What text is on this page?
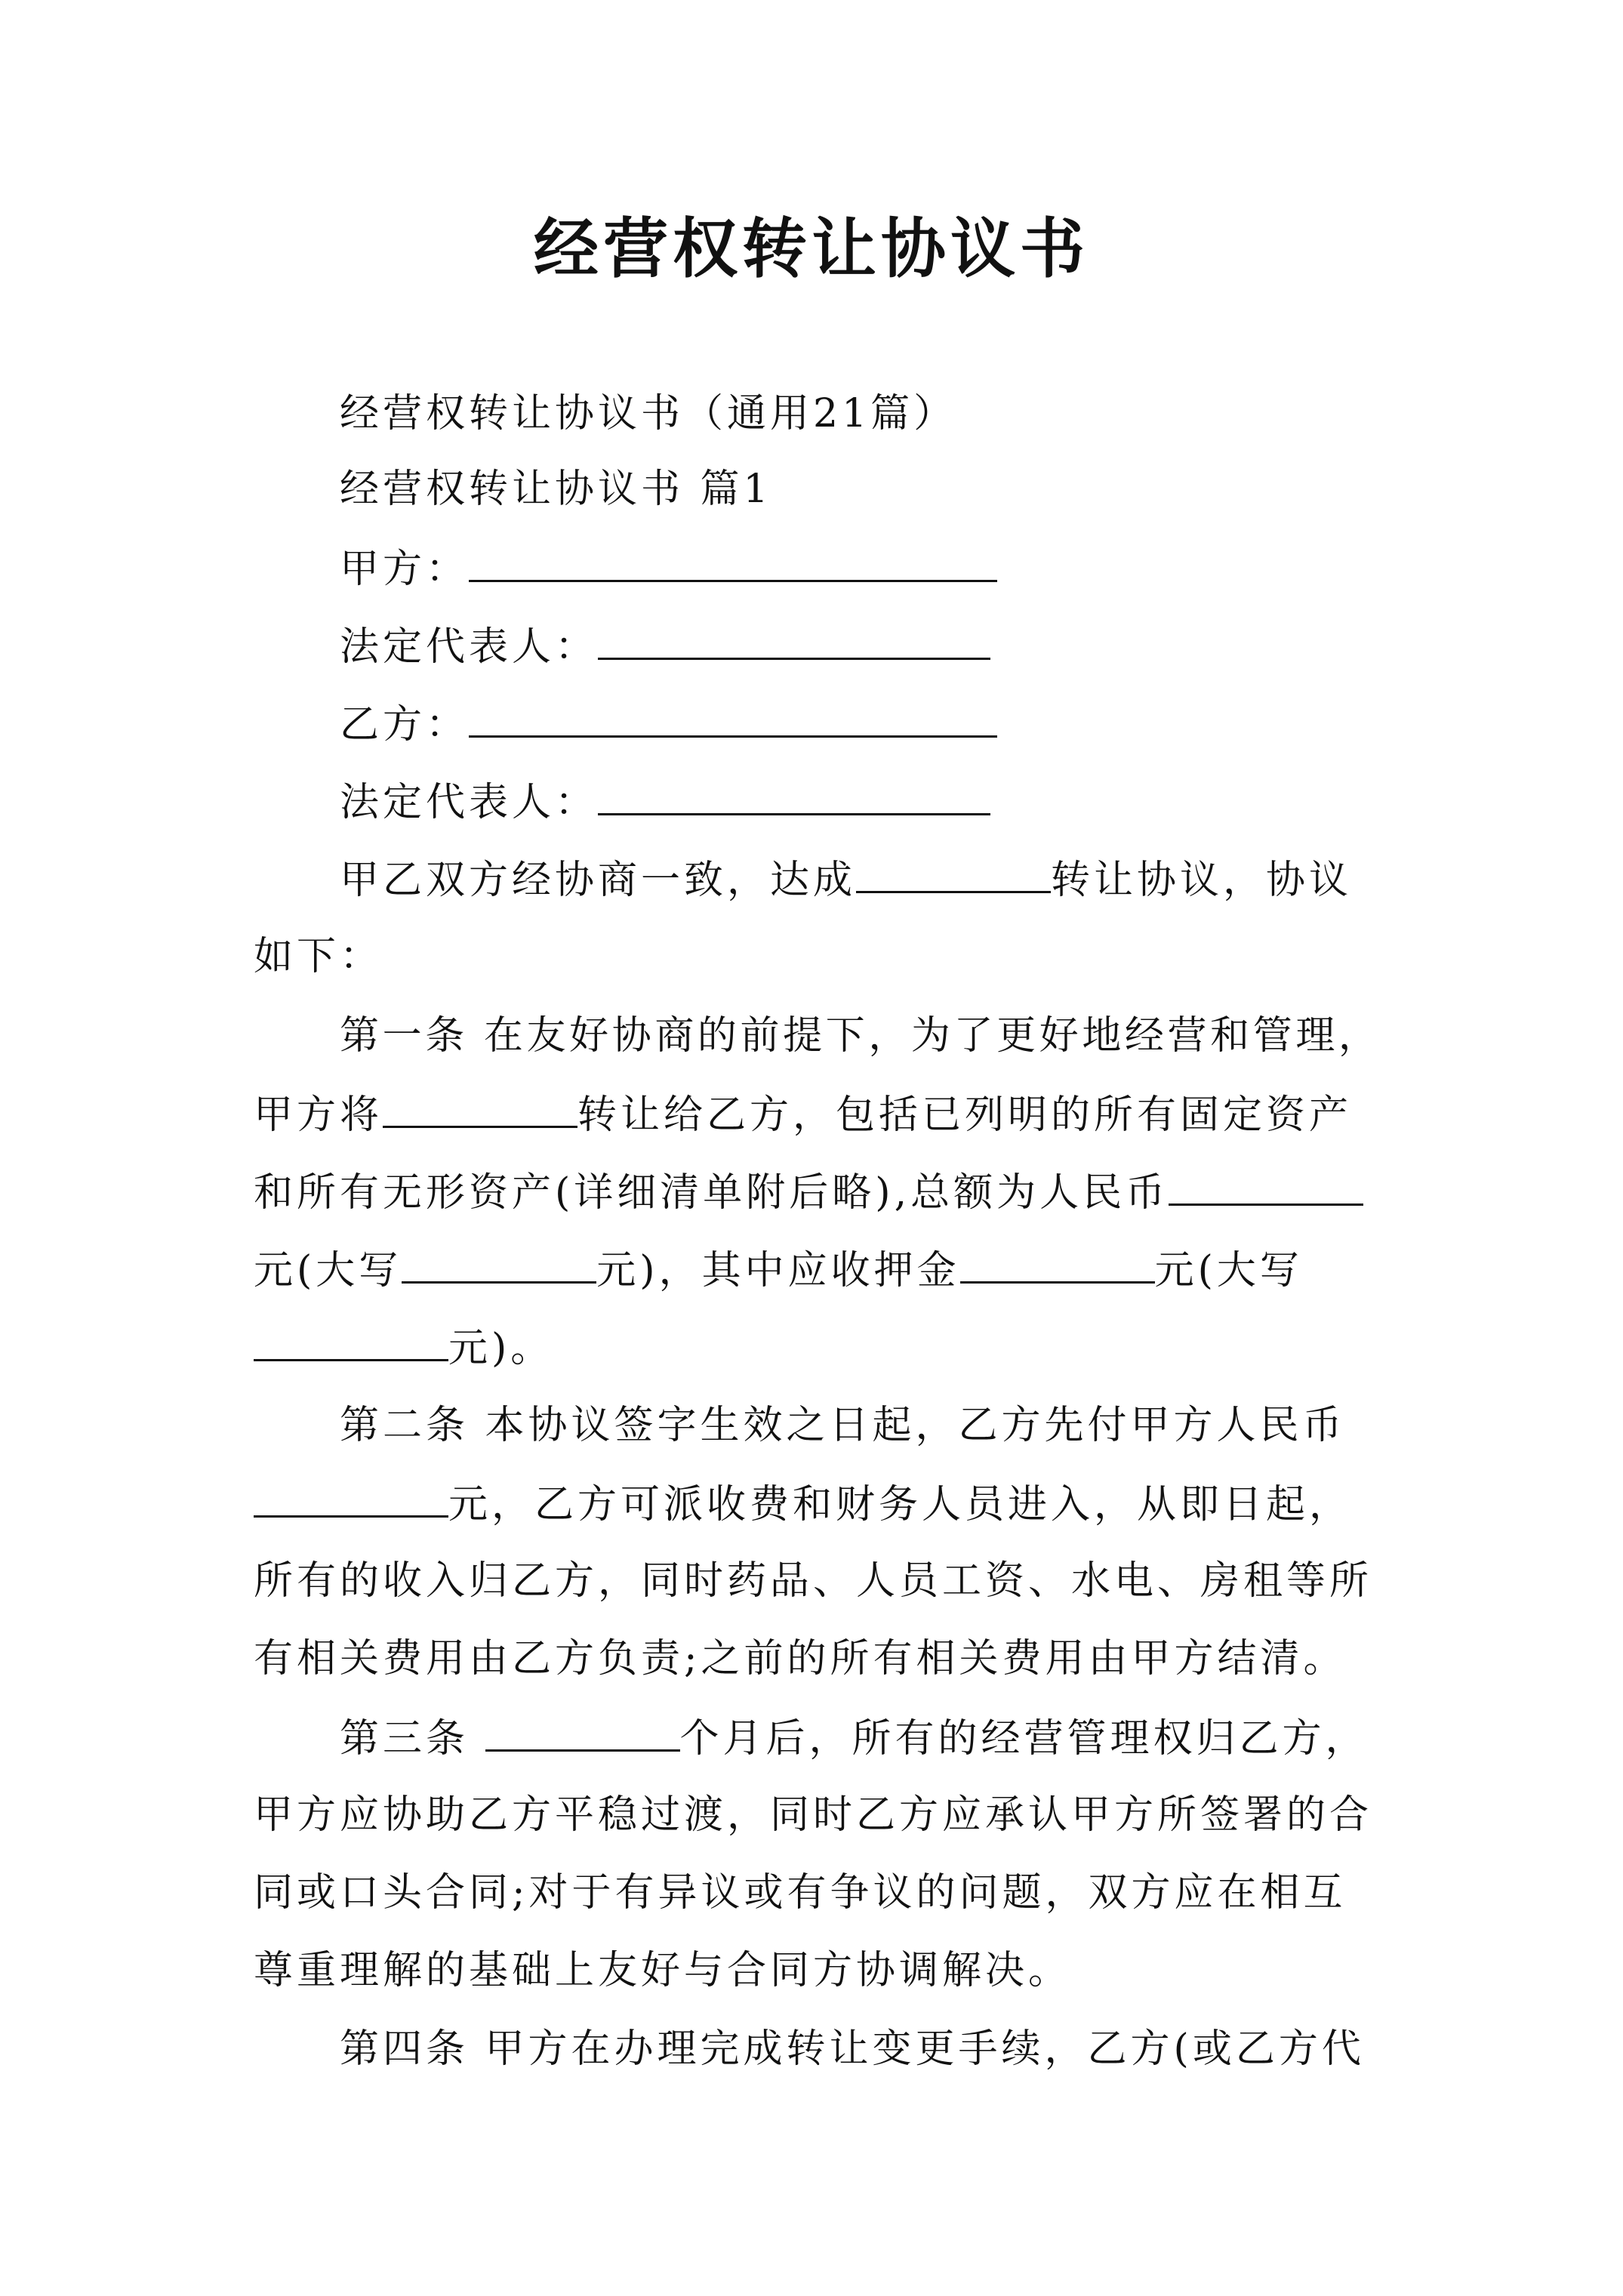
经营权转让协议书
经营权转让协议书（通用21篇）
经营权转让协议书 篇1
甲方：
法定代表人：
乙方：
法定代表人：
甲乙双方经协商一致，达成	转让协议，协议
如下：
第一条 在友好协商的前提下，为了更好地经营和管理，
甲方将	转让给乙方，包括已列明的所有固定资产
和所有无形资产(详细清单附后略),总额为人民币
元(大写	元)，其中应收押金	元(大写
元)。
第二条 本协议签字生效之日起，乙方先付甲方人民币
元，乙方可派收费和财务人员进入，从即日起，
所有的收入归乙方，同时药品、人员工资、水电、房租等所
有相关费用由乙方负责;之前的所有相关费用由甲方结清。
第三条	个月后，所有的经营管理权归乙方，
甲方应协助乙方平稳过渡，同时乙方应承认甲方所签署的合
同或口头合同;对于有异议或有争议的问题，双方应在相互
尊重理解的基础上友好与合同方协调解决。
第四条 甲方在办理完成转让变更手续，乙方(或乙方代
